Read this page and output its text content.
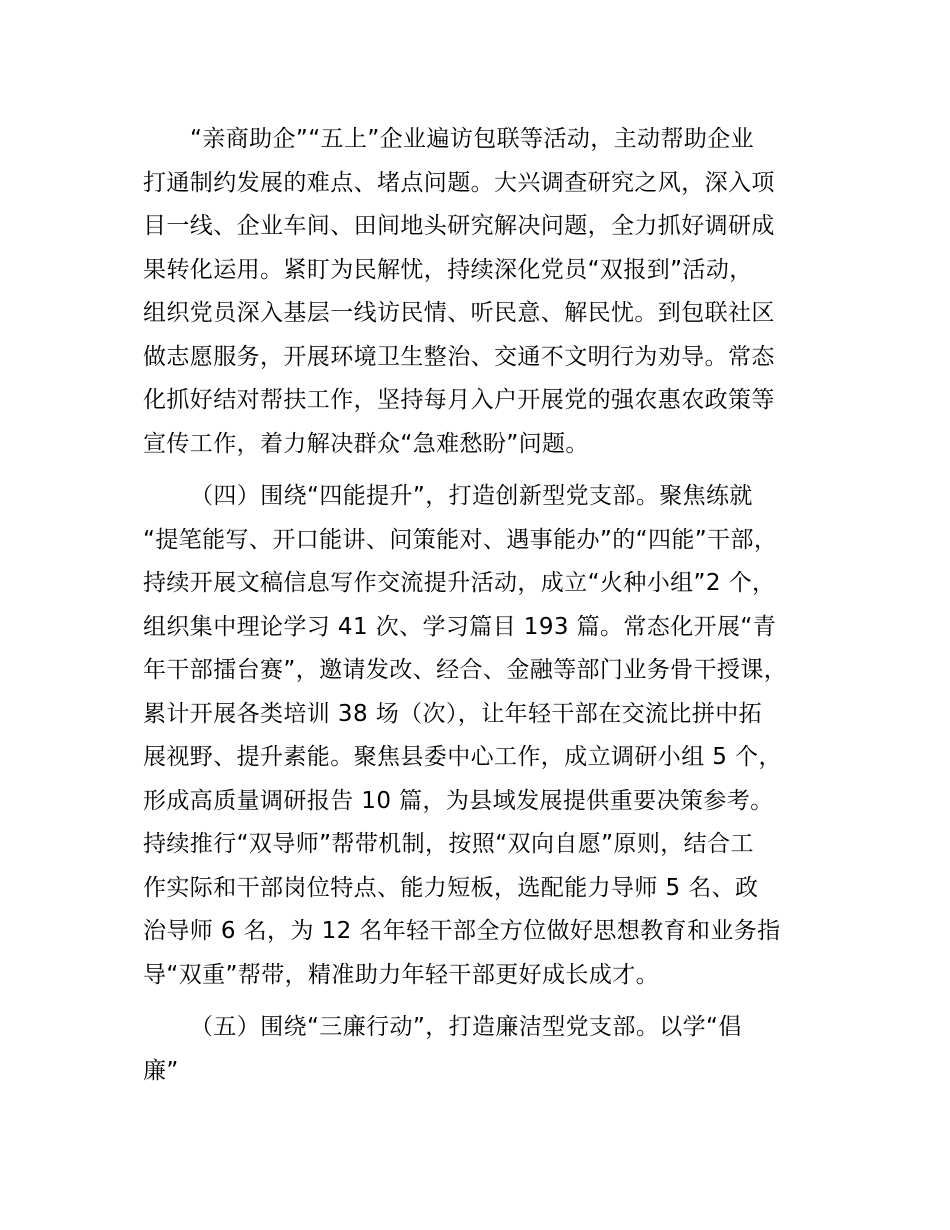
“亲商助企”“五上”企业遍访包联等活动，主动帮助企业
打通制约发展的难点、堵点问题。大兴调查研究之风，深入项
目一线、企业车间、田间地头研究解决问题，全力抓好调研成
果转化运用。紧盯为民解忧，持续深化党员“双报到”活动，
组织党员深入基层一线访民情、听民意、解民忧。到包联社区
做志愿服务，开展环境卫生整治、交通不文明行为劝导。常态
化抓好结对帮扶工作，坚持每月入户开展党的强农惠农政策等
宣传工作，着力解决群众“急难愁盼”问题。
（四）围绕“四能提升”，打造创新型党支部。聚焦练就
“提笔能写、开口能讲、问策能对、遇事能办”的“四能”干部，
持续开展文稿信息写作交流提升活动，成立“火种小组”2 个，
组织集中理论学习 41 次、学习篇目 193 篇。常态化开展“青
年干部擂台赛”，邀请发改、经合、金融等部门业务骨干授课，
累计开展各类培训 38 场（次），让年轻干部在交流比拼中拓
展视野、提升素能。聚焦县委中心工作，成立调研小组 5 个，
形成高质量调研报告 10 篇，为县域发展提供重要决策参考。
持续推行“双导师”帮带机制，按照“双向自愿”原则，结合工
作实际和干部岗位特点、能力短板，选配能力导师 5 名、政
治导师 6 名，为 12 名年轻干部全方位做好思想教育和业务指
导“双重”帮带，精准助力年轻干部更好成长成才。
（五）围绕“三廉行动”，打造廉洁型党支部。以学“倡
廉”
